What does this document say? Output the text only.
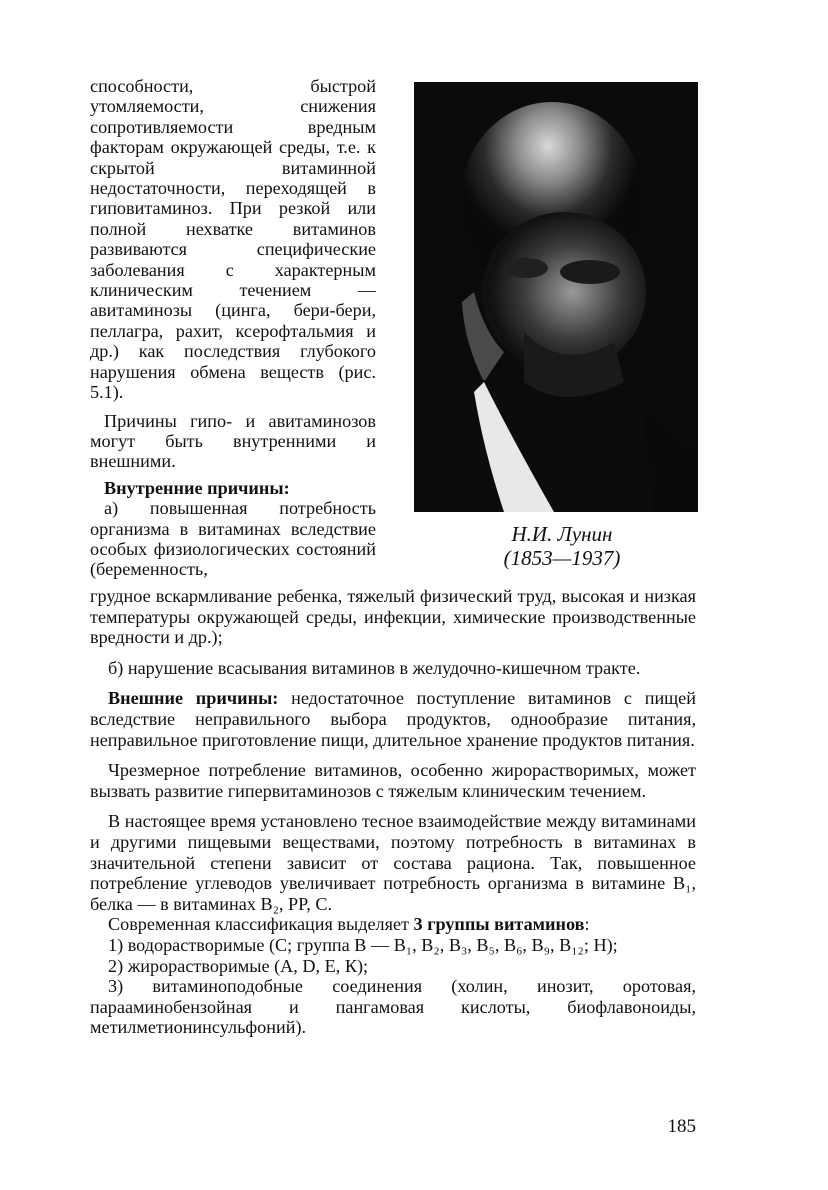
способности, быстрой утомляемости, снижения сопротивляемости вредным факторам окружающей среды, т.е. к скрытой витаминной недостаточности, переходящей в гиповитаминоз. При резкой или полной нехватке витаминов развиваются специфические заболевания с характерным клиническим течением — авитаминозы (цинга, бери-бери, пеллагра, рахит, ксерофтальмия и др.) как последствия глубокого нарушения обмена веществ (рис. 5.1).

Причины гипо- и авитаминозов могут быть внутренними и внешними.

Внутренние причины:

а) повышенная потребность организма в витаминах вследствие особых физиологических состояний (беременность,

Н.И. Лунин
(1853—1937)

грудное вскармливание ребенка, тяжелый физический труд, высокая и низкая температуры окружающей среды, инфекции, химические производственные вредности и др.);

б) нарушение всасывания витаминов в желудочно-кишечном тракте.

Внешние причины: недостаточное поступление витаминов с пищей вследствие неправильного выбора продуктов, однообразие питания, неправильное приготовление пищи, длительное хранение продуктов питания.

Чрезмерное потребление витаминов, особенно жирорастворимых, может вызвать развитие гипервитаминозов с тяжелым клиническим течением.

В настоящее время установлено тесное взаимодействие между витаминами и другими пищевыми веществами, поэтому потребность в витаминах в значительной степени зависит от состава рациона. Так, повышенное потребление углеводов увеличивает потребность организма в витамине B₁, белка — в витаминах B₂, PP, C.

Современная классификация выделяет 3 группы витаминов:

1) водорастворимые (С; группа В — B₁, B₂, B₃, B₅, B₆, B₉, B₁₂; Н);

2) жирорастворимые (А, D, Е, К);

3) витаминоподобные соединения (холин, инозит, оротовая, парааминобензойная и пангамовая кислоты, биофлавоноиды, метилметионинсульфоний).

185
